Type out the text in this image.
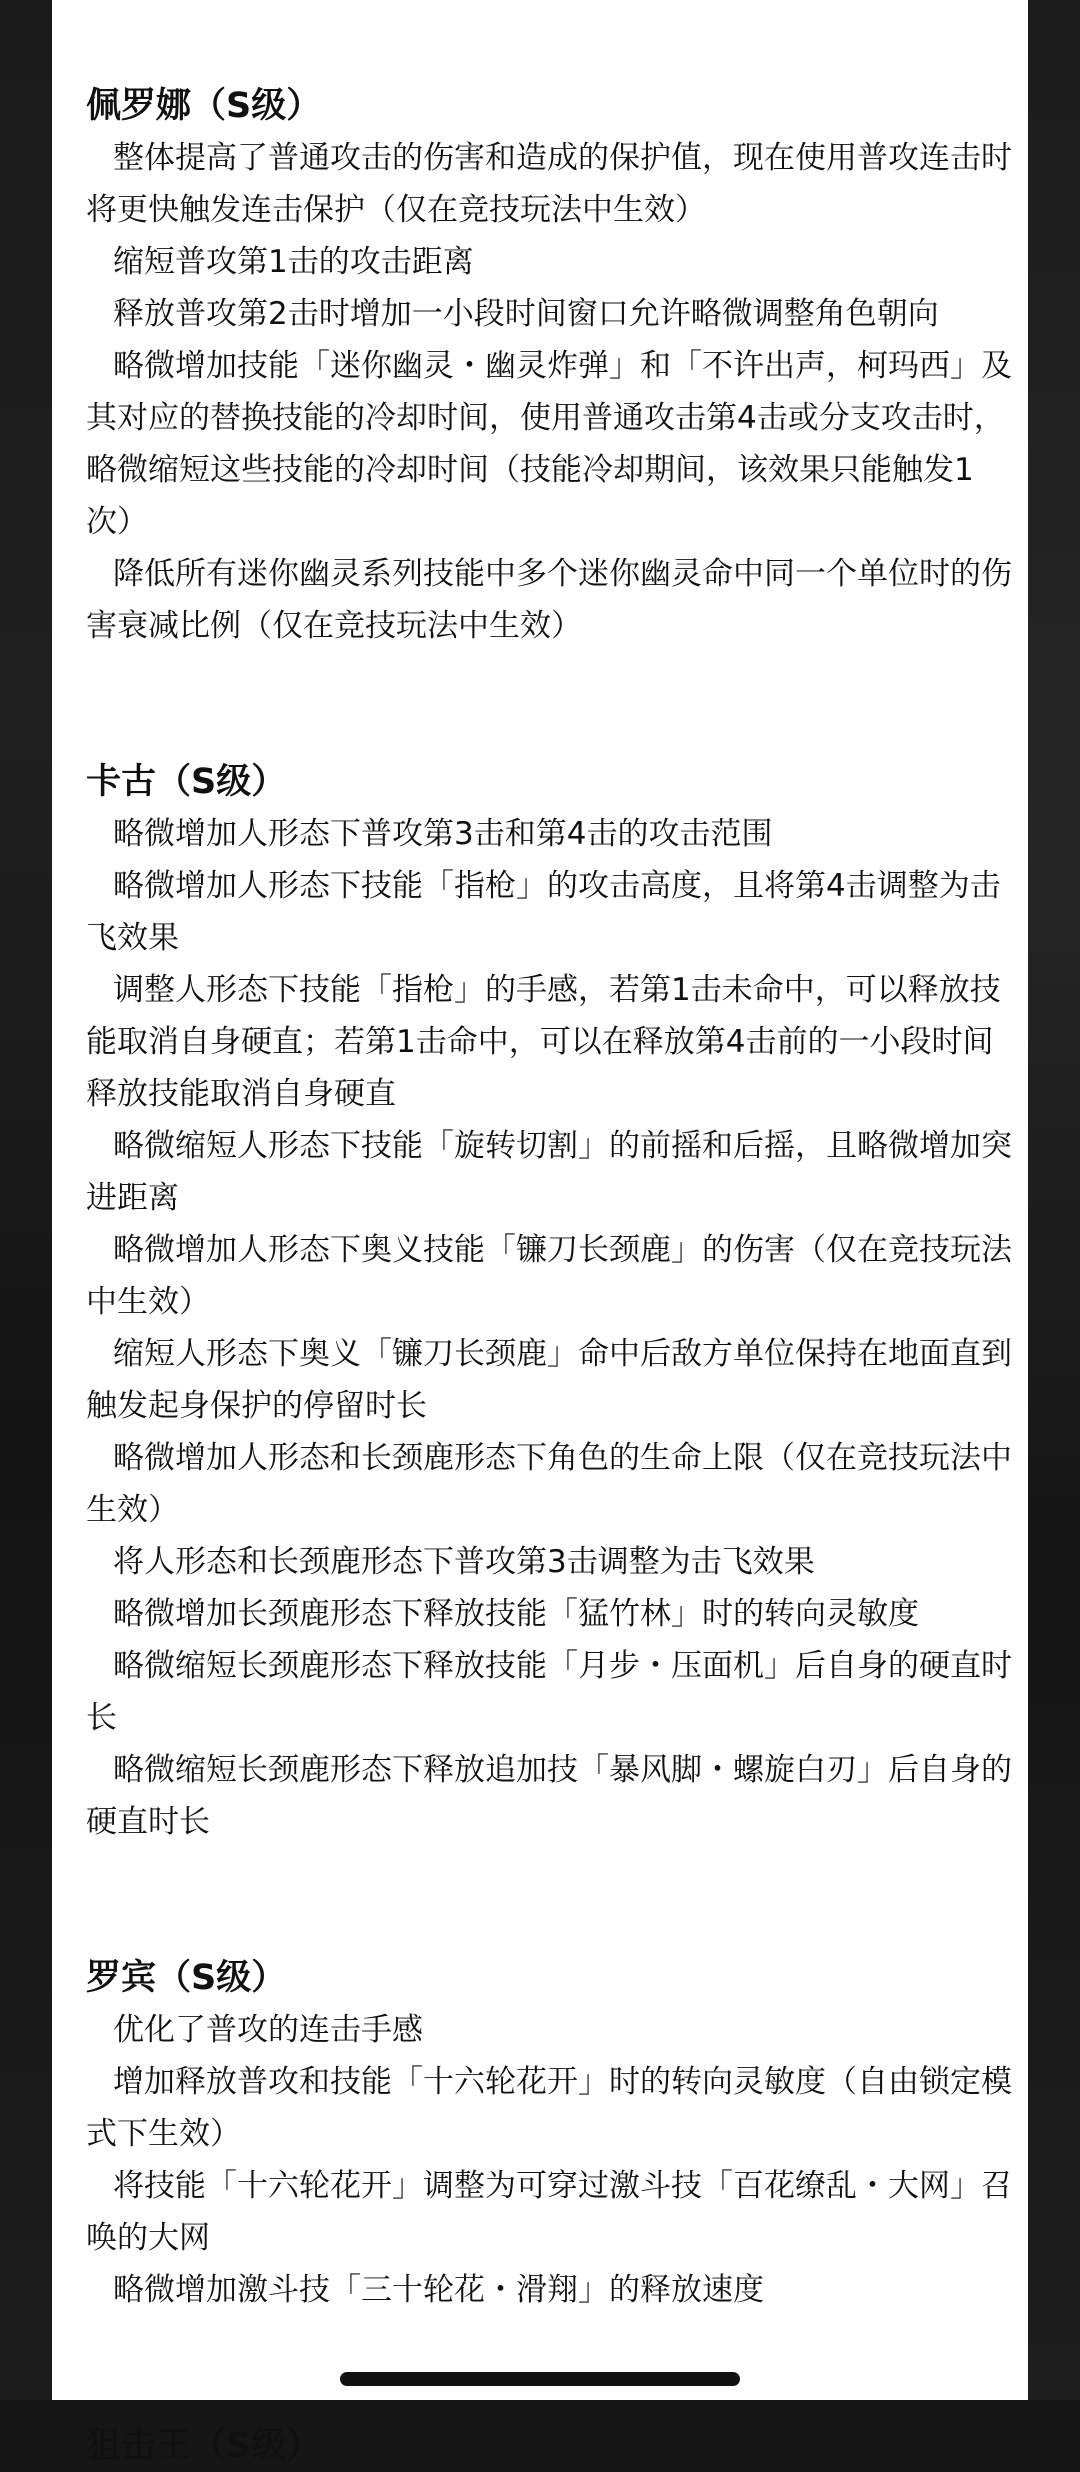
佩罗娜（S级）

整体提高了普通攻击的伤害和造成的保护值，现在使用普攻连击时将更快触发连击保护（仅在竞技玩法中生效）

缩短普攻第1击的攻击距离

释放普攻第2击时增加一小段时间窗口允许略微调整角色朝向

略微增加技能「迷你幽灵・幽灵炸弹」和「不许出声，柯玛西」及其对应的替换技能的冷却时间，使用普通攻击第4击或分支攻击时，略微缩短这些技能的冷却时间（技能冷却期间，该效果只能触发1次）

降低所有迷你幽灵系列技能中多个迷你幽灵命中同一个单位时的伤害衰减比例（仅在竞技玩法中生效）

卡古（S级）

略微增加人形态下普攻第3击和第4击的攻击范围

略微增加人形态下技能「指枪」的攻击高度，且将第4击调整为击飞效果

调整人形态下技能「指枪」的手感，若第1击未命中，可以释放技能取消自身硬直；若第1击命中，可以在释放第4击前的一小段时间释放技能取消自身硬直

略微缩短人形态下技能「旋转切割」的前摇和后摇，且略微增加突进距离

略微增加人形态下奥义技能「镰刀长颈鹿」的伤害（仅在竞技玩法中生效）

缩短人形态下奥义「镰刀长颈鹿」命中后敌方单位保持在地面直到触发起身保护的停留时长

略微增加人形态和长颈鹿形态下角色的生命上限（仅在竞技玩法中生效）

将人形态和长颈鹿形态下普攻第3击调整为击飞效果

略微增加长颈鹿形态下释放技能「猛竹林」时的转向灵敏度

略微缩短长颈鹿形态下释放技能「月步・压面机」后自身的硬直时长

略微缩短长颈鹿形态下释放追加技「暴风脚・螺旋白刃」后自身的硬直时长

罗宾（S级）

优化了普攻的连击手感

增加释放普攻和技能「十六轮花开」时的转向灵敏度（自由锁定模式下生效）

将技能「十六轮花开」调整为可穿过激斗技「百花缭乱・大网」召唤的大网

略微增加激斗技「三十轮花・滑翔」的释放速度

狙击王（S级）
